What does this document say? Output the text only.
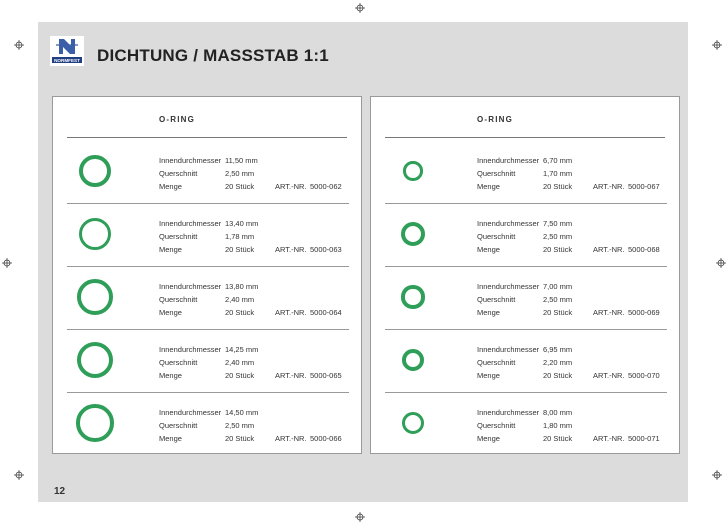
NORMFEST DICHTUNG / MASSSTAB 1:1
O-RING
Innendurchmesser 11,50 mm
Querschnitt	2,50 mm
Menge	20 Stück	ART.-NR. 5000-062
Innendurchmesser 13,40 mm
Querschnitt	1,78 mm
Menge	20 Stück	ART.-NR. 5000-063
Innendurchmesser 13,80 mm
Querschnitt	2,40 mm
Menge	20 Stück	ART.-NR. 5000-064
Innendurchmesser 14,25 mm
Querschnitt	2,40 mm
Menge	20 Stück	ART.-NR. 5000-065
Innendurchmesser 14,50 mm
Querschnitt	2,50 mm
Menge	20 Stück	ART.-NR. 5000-066
O-RING
Innendurchmesser 6,70 mm
Querschnitt	1,70 mm
Menge	20 Stück	ART.-NR. 5000-067
Innendurchmesser 7,50 mm
Querschnitt	2,50 mm
Menge	20 Stück	ART.-NR. 5000-068
Innendurchmesser 7,00 mm
Querschnitt	2,50 mm
Menge	20 Stück	ART.-NR. 5000-069
Innendurchmesser 6,95 mm
Querschnitt	2,20 mm
Menge	20 Stück	ART.-NR. 5000-070
Innendurchmesser 8,00 mm
Querschnitt	1,80 mm
Menge	20 Stück	ART.-NR. 5000-071
12
